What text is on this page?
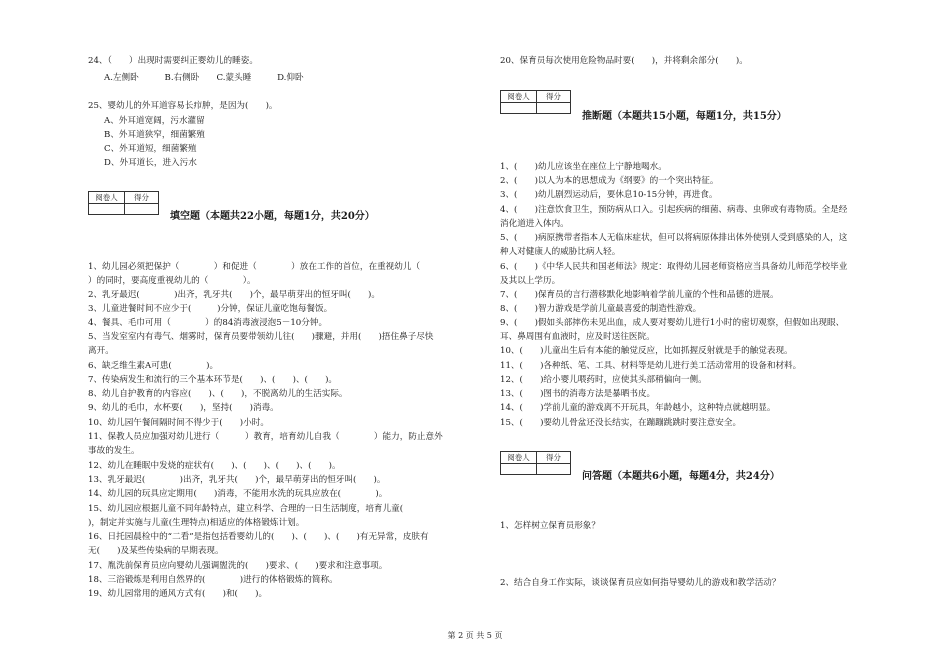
24、（　　）出现时需要纠正婴幼儿的睡姿。
A.左侧卧　　　B.右侧卧　　C.蒙头睡　　　D.仰卧
25、婴幼儿的外耳道容易长疖肿，是因为(　　)。
A、外耳道宽阔，污水灌留
B、外耳道狭窄，细菌繁殖
C、外耳道短，细菌繁殖
D、外耳道长，进入污水
阅卷人	得分

填空题（本题共22小题，每题1分，共20分）
1、幼儿园必须把保护（　　　　）和促进（　　　　）放在工作的首位，在重视幼儿（
）的同时，要高度重视幼儿的（　　　　）。
2、乳牙最迟(　　　　)出齐，乳牙共(　　)个，最早萌芽出的恒牙叫(　　)。
3、儿童进餐时间不应少于(　　　)分钟，保证儿童吃饱每餐饭。
4、餐具、毛巾可用（　　　　）的84消毒液浸泡5－10分钟。
5、当发室室内有毒气、烟雾时，保育员要带领幼儿往(　　)骤避，并用(　　)捂住鼻子尽快
离开。
6、缺乏维生素A可患(　　　　)。
7、传染病发生和流行的三个基本环节是(　　)、(　　)、(　　)。
8、幼儿自护教育的内容应(　　)、(　　)，不脱离幼儿的生活实际。
9、幼儿的毛巾，水杯要(　　)，坚持(　　)消毒。
10、幼儿园午餐间隔时间不得少于(　　)小时。
11、保教人员应加强对幼儿进行（　　　）教育，培育幼儿自我（　　　　）能力，防止意外
事故的发生。
12、幼儿在睡眠中发烧的症状有(　　)、(　　)、(　　)、(　　)。
13、乳牙最迟(　　　　)出齐，乳牙共(　　)个，最早萌芽出的恒牙叫(　　)。
14、幼儿园的玩具应定期用(　　)消毒，不能用水洗的玩具应放在(　　　　)。
15、幼儿园应根据儿童不同年龄特点，建立科学、合理的一日生活制度，培育儿童(　　
)，制定并实施与儿童(生理特点)相适应的体格锻炼计划。
16、日托园晨检中的“二看”是指包括看婴幼儿的(　　)、(　　)、(　　)有无异常，皮肤有
无(　　)及某些传染病的早期表现。
17、胤洗前保育员应向婴幼儿强调盥洗的(　　)要求、(　　)要求和注意事项。
18、三浴锻炼是利用自然界的(　　　　)进行的体格锻炼的简称。
19、幼儿园常用的通风方式有(　　)和(　　)。
20、保育员每次使用危险物品时要(　　)，并将剩余部分(　　)。
阅卷人	得分

推断题（本题共15小题，每题1分，共15分）
1、(　　)幼儿应该坐在座位上宁静地喝水。
2、(　　)以人为本的思想成为《纲要》的一个突出特征。
3、(　　)幼儿剧烈运动后，要休息10-15分钟，再进食。
4、(　　)注意饮食卫生，预防病从口入。引起疾病的细菌、病毒、虫卵或有毒物质。全是经
消化道进入体内。
5、(　　)病原携带者指本人无临床症状，但可以将病原体排出体外使别人受到感染的人，这
种人对健康人的威胁比病人轻。
6、(　　)《中华人民共和国老师法》规定：取得幼儿园老师资格应当具备幼儿师范学校毕业
及其以上学历。
7、(　　)保育员的言行潜移默化地影响着学前儿童的个性和品德的进展。
8、(　　)智力游戏是学前儿童最喜爱的制造性游戏。
9、(　　)假如头部摔伤未见出血，成人要对婴幼儿进行1小时的密切观察，但假如出现眼、
耳、鼻周围有血液时，应及时送往医院。
10、(　　)儿童出生后有本能的触觉反应，比如抓握反射就是手的触觉表现。
11、(　　)各种纸、笔、工具、材料等是幼儿进行美工活动常用的设备和材料。
12、(　　)给小婴儿喂药时，应使其头部稍偏向一侧。
13、(　　)图书的消毒方法是暴晒书皮。
14、(　　)学前儿童的游戏离不开玩具，年龄越小，这种特点就越明显。
15、(　　)要幼儿骨盆还没长结实，在蹦蹦跳跳时要注意安全。
阅卷人	得分

问答题（本题共6小题，每题4分，共24分）
1、怎样树立保育员形象？
2、结合自身工作实际，谈谈保育员应如何指导婴幼儿的游戏和教学活动？
第 2 页 共 5 页
